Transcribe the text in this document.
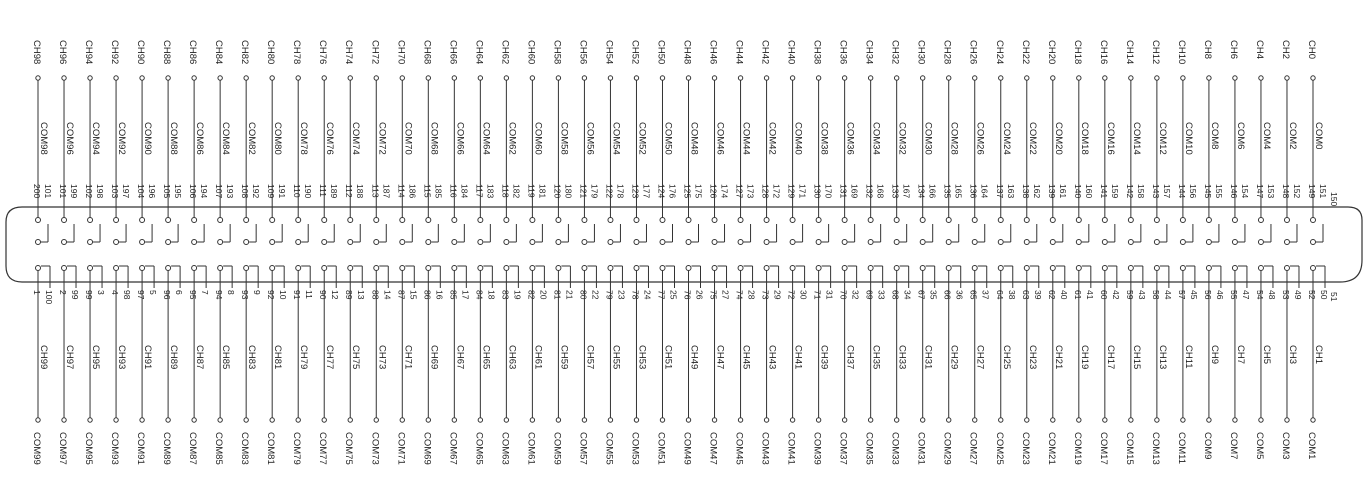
CH98
COM98
200 101
1 100
CH99
COM99
CH96
COM96
101 199
2 99
CH97
COM97
CH94
COM94
102 198
99 3
CH95
COM95
CH92
COM92
103 197
4 98
CH93
COM93
CH90
COM90
104 196
97 5
CH91
COM91
CH88
COM88
105 195
96 6
CH89
COM89
CH86
COM86
106 194
95 7
CH87
COM87
CH84
COM84
107 193
94 8
CH85
COM85
CH82
COM82
108 192
93 9
CH83
COM83
CH80
COM80
109 191
92 10
CH81
COM81
CH78
COM78
110 190
91 11
CH79
COM79
CH76
COM76
111 189
90 12
CH77
COM77
CH74
COM74
112 188
89 13
CH75
COM75
CH72
COM72
113 187
88 14
CH73
COM73
CH70
COM70
114 186
87 15
CH71
COM71
CH68
COM68
115 185
86 16
CH69
COM69
CH66
COM66
116 184
85 17
CH67
COM67
CH64
COM64
117 183
84 18
CH65
COM65
CH62
COM62
118 182
83 19
CH63
COM63
CH60
COM60
119 181
82 20
CH61
COM61
CH58
COM58
120 180
81 21
CH59
COM59
CH56
COM56
121 179
80 22
CH57
COM57
CH54
COM54
122 178
79 23
CH55
COM55
CH52
COM52
123 177
78 24
CH53
COM53
CH50
COM50
124 176
77 25
CH51
COM51
CH48
COM48
125 175
76 26
CH49
COM49
CH46
COM46
126 174
75 27
CH47
COM47
CH44
COM44
127 173
74 28
CH45
COM45
CH42
COM42
128 172
73 29
CH43
COM43
CH40
COM40
129 171
72 30
CH41
COM41
CH38
COM38
130 170
71 31
CH39
COM39
CH36
COM36
131 169
70 32
CH37
COM37
CH34
COM34
132 168
69 33
CH35
COM35
CH32
COM32
133 167
68 34
CH33
COM33
CH30
COM30
134 166
67 35
CH31
COM31
CH28
COM28
135 165
66 36
CH29
COM29
CH26
COM26
136 164
65 37
CH27
COM27
CH24
COM24
137 163
64 38
CH25
COM25
CH22
COM22
138 162
63 39
CH23
COM23
CH20
COM20
139 161
62 40
CH21
COM21
CH18
COM18
140 160
61 41
CH19
COM19
CH16
COM16
141 159
60 42
CH17
COM17
CH14
COM14
142 158
59 43
CH15
COM15
CH12
COM12
143 157
58 44
CH13
COM13
CH10
COM10
144 156
57 45
CH11
COM11
CH8
COM8
145 155
56 46
CH9
COM9
CH6
COM6
146 154
55 47
CH7
COM7
CH4
COM4
147 153
54 48
CH5
COM5
CH2
COM2
148 152
53 49
CH3
COM3
CH0
COM0
149 151
52 50
CH1
COM1
150
51
